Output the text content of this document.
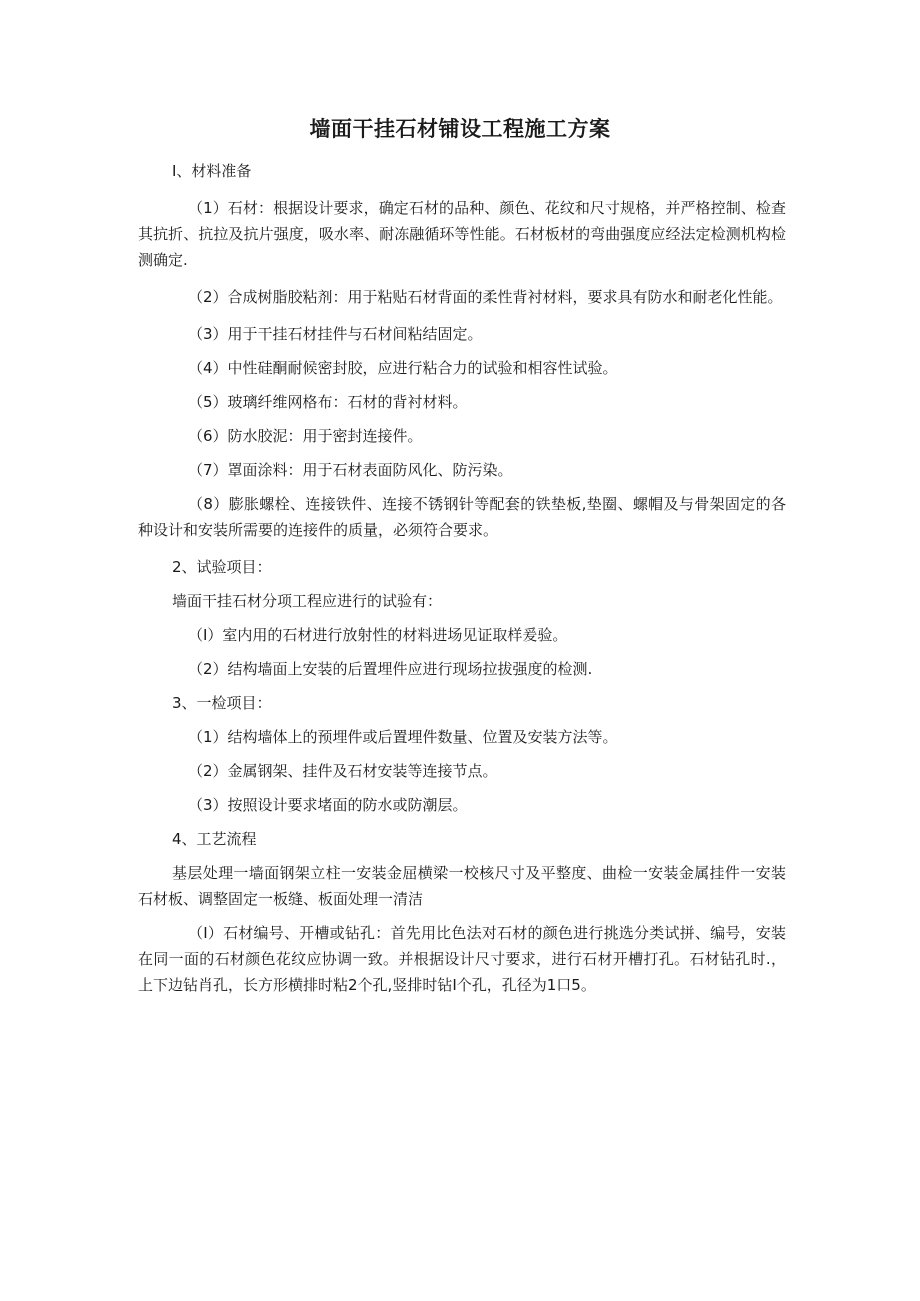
墙面干挂石材铺设工程施工方案

I、材料准备

（1）石材：根据设计要求，确定石材的品种、颜色、花纹和尺寸规格，并严格控制、检查其抗折、抗拉及抗片强度，吸水率、耐冻融循环等性能。石材板材的弯曲强度应经法定检测机构检测确定.

（2）合成树脂胶粘剂：用于粘贴石材背面的柔性背衬材料，要求具有防水和耐老化性能。

（3）用于干挂石材挂件与石材间粘结固定。

（4）中性硅酮耐候密封胶，应进行粘合力的试验和相容性试验。

（5）玻璃纤维网格布：石材的背衬材料。

（6）防水胶泥：用于密封连接件。

（7）罩面涂料：用于石材表面防风化、防污染。

（8）膨胀螺栓、连接铁件、连接不锈钢针等配套的铁垫板,垫圈、螺帽及与骨架固定的各种设计和安装所需要的连接件的质量，必须符合要求。

2、试验项目：

墙面干挂石材分项工程应进行的试验有：

（I）室内用的石材进行放射性的材料进场见证取样爰验。

（2）结构墙面上安装的后置埋件应进行现场拉拔强度的检测.

3、一检项目：

（1）结构墙体上的预埋件或后置埋件数量、位置及安装方法等。

（2）金属钢架、挂件及石材安装等连接节点。

（3）按照设计要求堵面的防水或防潮层。

4、工艺流程

基层处理一墙面钢架立柱一安装金屈横梁一校核尺寸及平整度、曲检一安装金属挂件一安装石材板、调整固定一板缝、板面处理一清洁

（I）石材编号、开槽或钻孔：首先用比色法对石材的颜色进行挑选分类试拼、编号，安装在同一面的石材颜色花纹应协调一致。并根据设计尺寸要求，进行石材开槽打孔。石材钻孔时.，上下边钻肖孔，长方形横排时粘2个孔,竖排时钻I个孔，孔径为1口5。
